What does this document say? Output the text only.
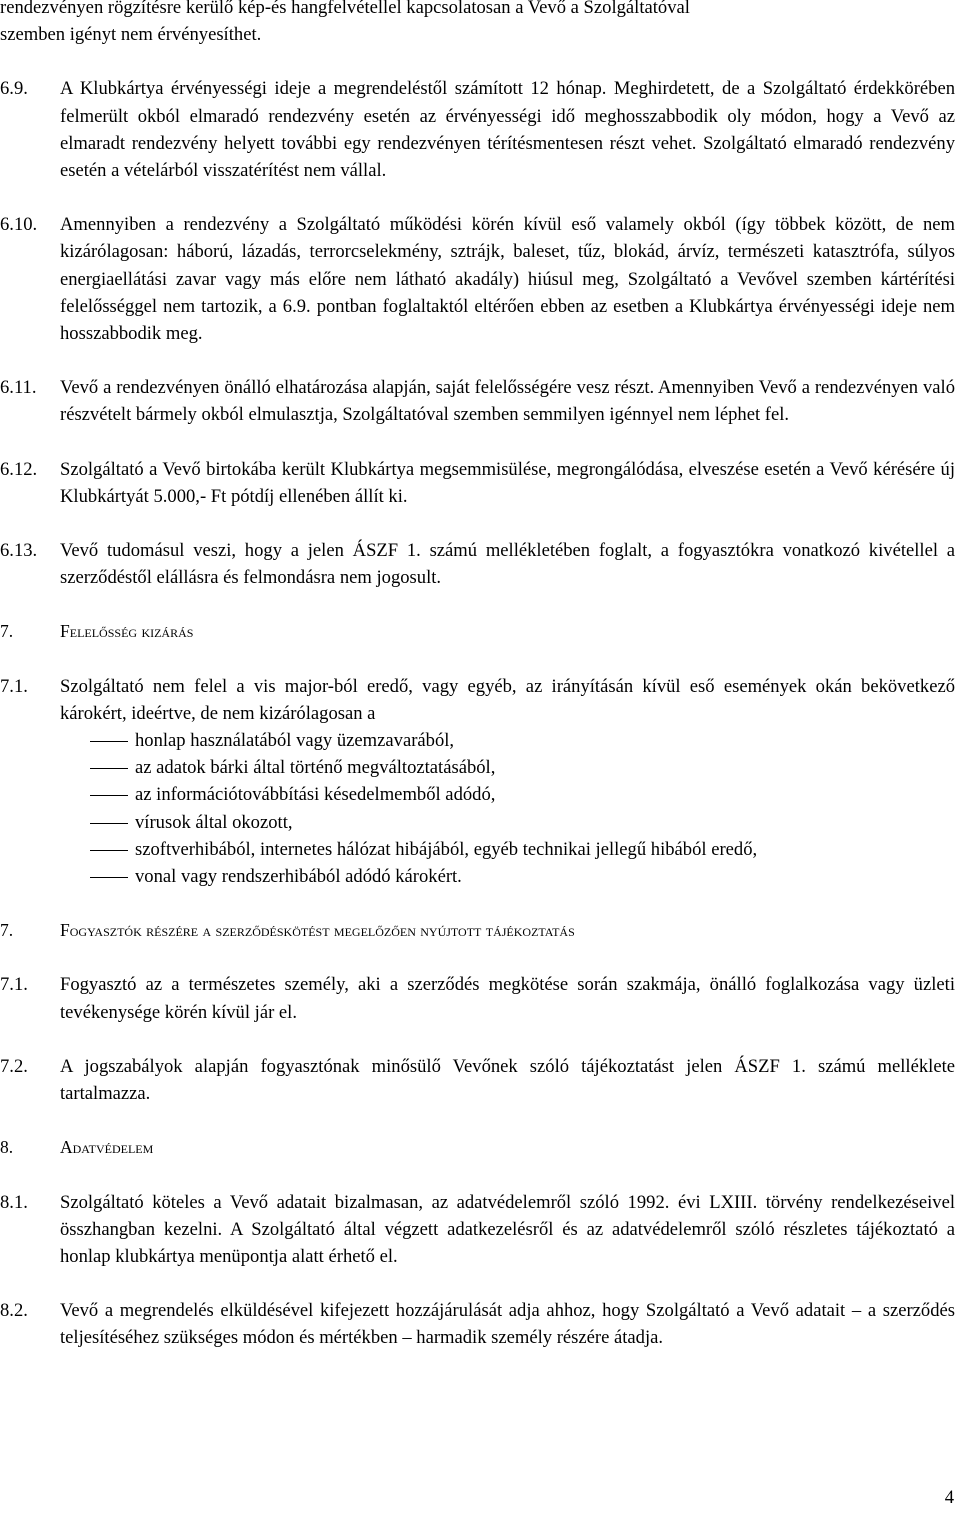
rendezvényen rögzítésre kerülő kép-és hangfelvétellel kapcsolatosan a Vevő a Szolgáltatóval
szemben igényt nem érvényesíthet.
6.9.	A Klubkártya érvényességi ideje a megrendeléstől számított 12 hónap. Meghirdetett, de a Szolgáltató érdekkörében felmerült okból elmaradó rendezvény esetén az érvényességi idő meghosszabbodik oly módon, hogy a Vevő az elmaradt rendezvény helyett további egy rendezvényen térítésmentesen részt vehet. Szolgáltató elmaradó rendezvény esetén a vételárból visszatérítést nem vállal.
6.10.	Amennyiben a rendezvény a Szolgáltató működési körén kívül eső valamely okból (így többek között, de nem kizárólagosan: háború, lázadás, terrorcselekmény, sztrájk, baleset, tűz, blokád, árvíz, természeti katasztrófa, súlyos energiaellátási zavar vagy más előre nem látható akadály) hiúsul meg, Szolgáltató a Vevővel szemben kártérítési felelősséggel nem tartozik, a 6.9. pontban foglaltaktól eltérően ebben az esetben a Klubkártya érvényességi ideje nem hosszabbodik meg.
6.11.	Vevő a rendezvényen önálló elhatározása alapján, saját felelősségére vesz részt. Amennyiben Vevő a rendezvényen való részvételt bármely okból elmulasztja, Szolgáltatóval szemben semmilyen igénnyel nem léphet fel.
6.12.	Szolgáltató a Vevő birtokába került Klubkártya megsemmisülése, megrongálódása, elveszése esetén a Vevő kérésére új Klubkártyát 5.000,- Ft pótdíj ellenében állít ki.
6.13.	Vevő tudomásul veszi, hogy a jelen ÁSZF 1. számú mellékletében foglalt, a fogyasztókra vonatkozó kivétellel a szerződéstől elállásra és felmondásra nem jogosult.
7.	Felelősség kizárás
7.1.	Szolgáltató nem felel a vis major-ból eredő, vagy egyéb, az irányításán kívül eső események okán bekövetkező károkért, ideértve, de nem kizárólagosan a
honlap használatából vagy üzemzavarából,
az adatok bárki által történő megváltoztatásából,
az információtovábbítási késedelmemből adódó,
vírusok által okozott,
szoftverhibából, internetes hálózat hibájából, egyéb technikai jellegű hibából eredő,
vonal vagy rendszerhibából adódó károkért.
7.	Fogyasztók részére a szerződéskötést megelőzően nyújtott tájékoztatás
7.1.	Fogyasztó az a természetes személy, aki a szerződés megkötése során szakmája, önálló foglalkozása vagy üzleti tevékenysége körén kívül jár el.
7.2.	A jogszabályok alapján fogyasztónak minősülő Vevőnek szóló tájékoztatást jelen ÁSZF 1. számú melléklete tartalmazza.
8.	Adatvédelem
8.1.	Szolgáltató köteles a Vevő adatait bizalmasan, az adatvédelemről szóló 1992. évi LXIII. törvény rendelkezéseivel összhangban kezelni. A Szolgáltató által végzett adatkezelésről és az adatvédelemről szóló részletes tájékoztató a honlap klubkártya menüpontja alatt érhető el.
8.2.	Vevő a megrendelés elküldésével kifejezett hozzájárulását adja ahhoz, hogy Szolgáltató a Vevő adatait – a szerződés teljesítéséhez szükséges módon és mértékben – harmadik személy részére átadja.
4
